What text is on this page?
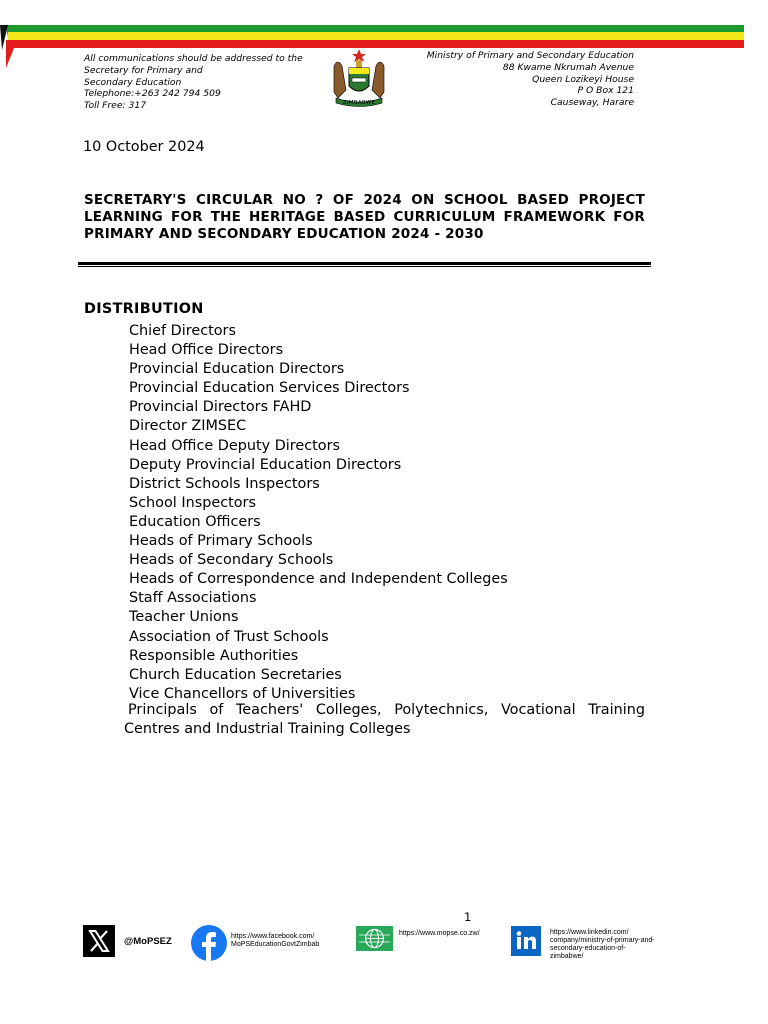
All communications should be addressed to the
Secretary for Primary and
Secondary Education
Telephone:+263 242 794 509
Toll Free: 317	ZIMBABWE
Ministry of Primary and Secondary Education
88 Kwame Nkrumah Avenue
Queen Lozikeyi House
P O Box 121
Causeway, Harare
10 October 2024
SECRETARY'S CIRCULAR NO ? OF 2024 ON SCHOOL BASED PROJECT LEARNING FOR THE HERITAGE BASED CURRICULUM FRAMEWORK FOR PRIMARY AND SECONDARY EDUCATION 2024 - 2030
DISTRIBUTION
Chief Directors
Head Office Directors
Provincial Education Directors
Provincial Education Services Directors
Provincial Directors FAHD
Director ZIMSEC
Head Office Deputy Directors
Deputy Provincial Education Directors
District Schools Inspectors
School Inspectors
Education Officers
Heads of Primary Schools
Heads of Secondary Schools
Heads of Correspondence and Independent Colleges
Staff Associations
Teacher Unions
Association of Trust Schools
Responsible Authorities
Church Education Secretaries
Vice Chancellors of Universities
Principals of Teachers' Colleges, Polytechnics, Vocational Training
Centres and Industrial Training Colleges
1
@MoPSEZ	https://www.facebook.com/
MoPSEducationGovtZimbab
https://www.mopse.co.zw/	https://www.linkedin.com/
company/ministry-of-primary-and-
secondary-education-of-
zimbabwe/
